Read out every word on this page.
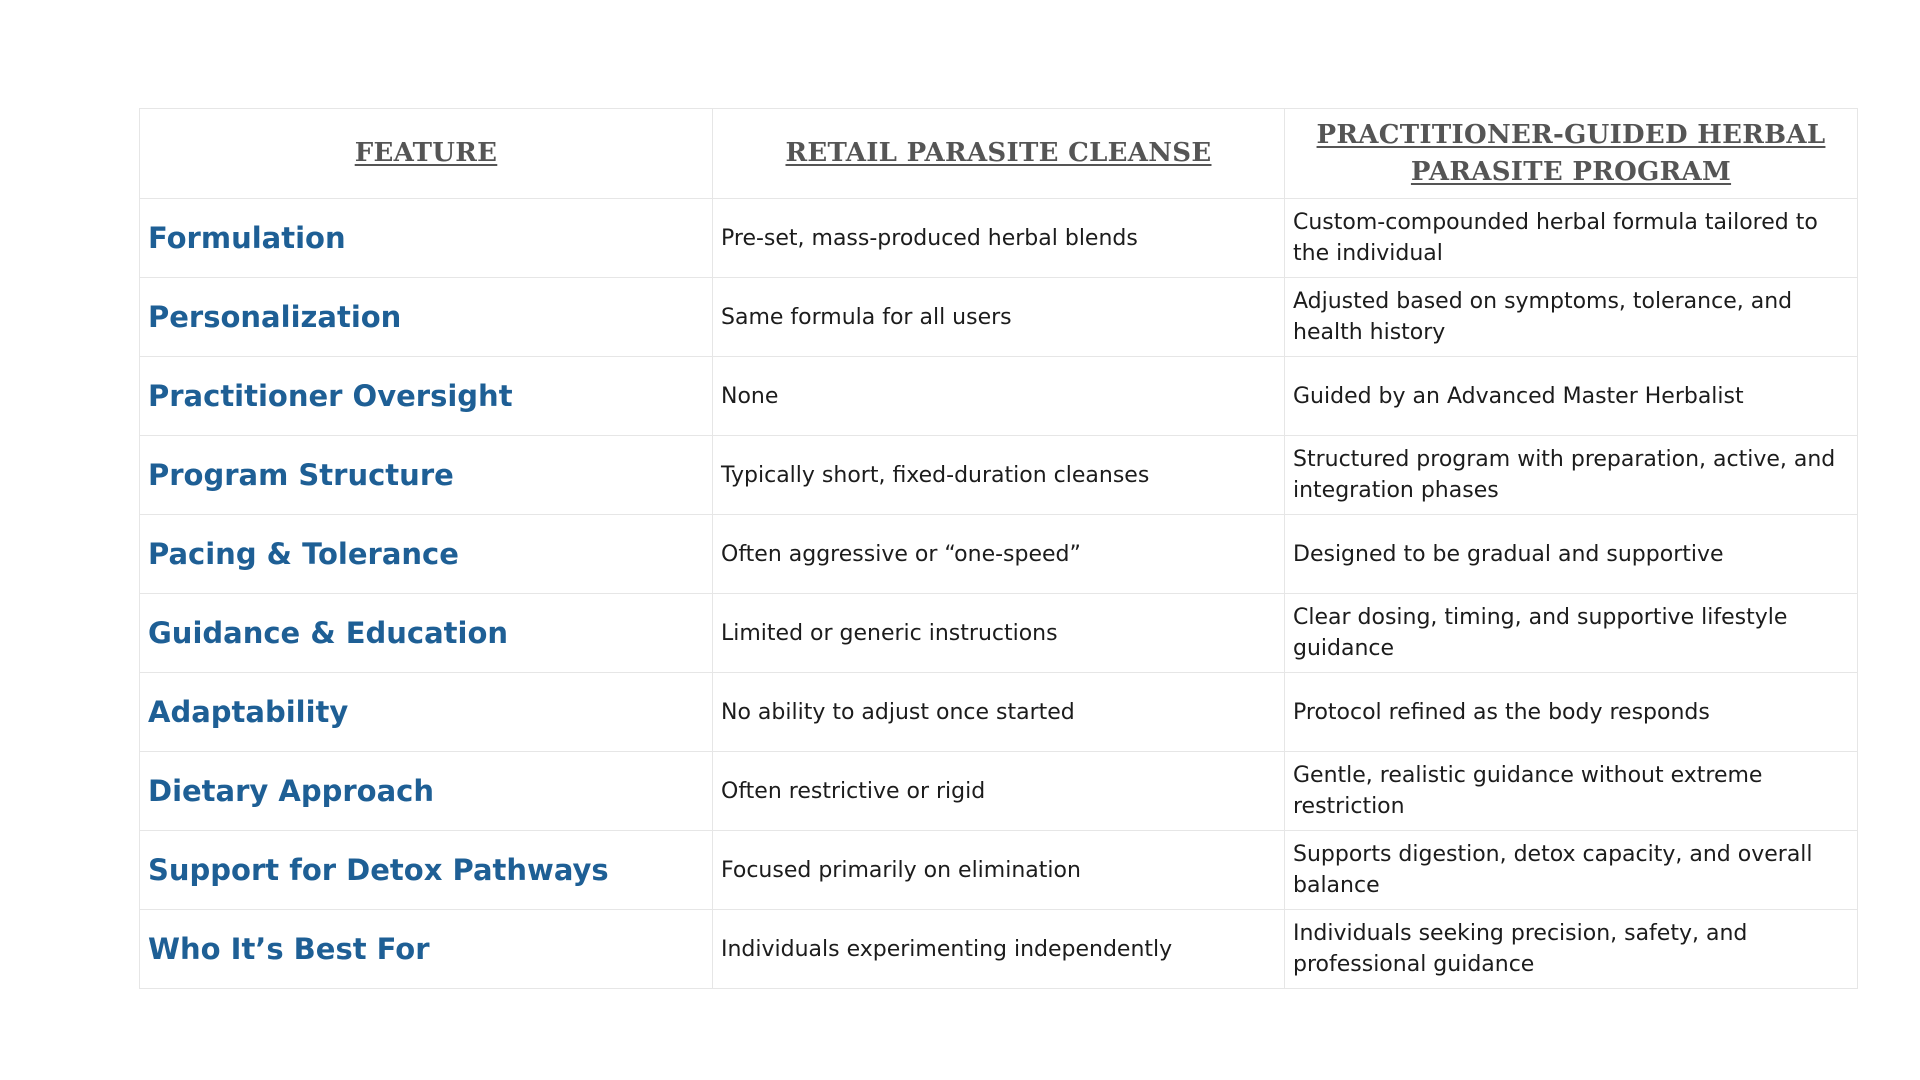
FEATURE	RETAIL PARASITE CLEANSE	PRACTITIONER-GUIDED HERBAL PARASITE PROGRAM
Formulation	Pre-set, mass-produced herbal blends	Custom-compounded herbal formula tailored to the individual
Personalization	Same formula for all users	Adjusted based on symptoms, tolerance, and health history
Practitioner Oversight	None	Guided by an Advanced Master Herbalist
Program Structure	Typically short, fixed-duration cleanses	Structured program with preparation, active, and integration phases
Pacing & Tolerance	Often aggressive or “one-speed”	Designed to be gradual and supportive
Guidance & Education	Limited or generic instructions	Clear dosing, timing, and supportive lifestyle guidance
Adaptability	No ability to adjust once started	Protocol refined as the body responds
Dietary Approach	Often restrictive or rigid	Gentle, realistic guidance without extreme restriction
Support for Detox Pathways	Focused primarily on elimination	Supports digestion, detox capacity, and overall balance
Who It’s Best For	Individuals experimenting independently	Individuals seeking precision, safety, and professional guidance
